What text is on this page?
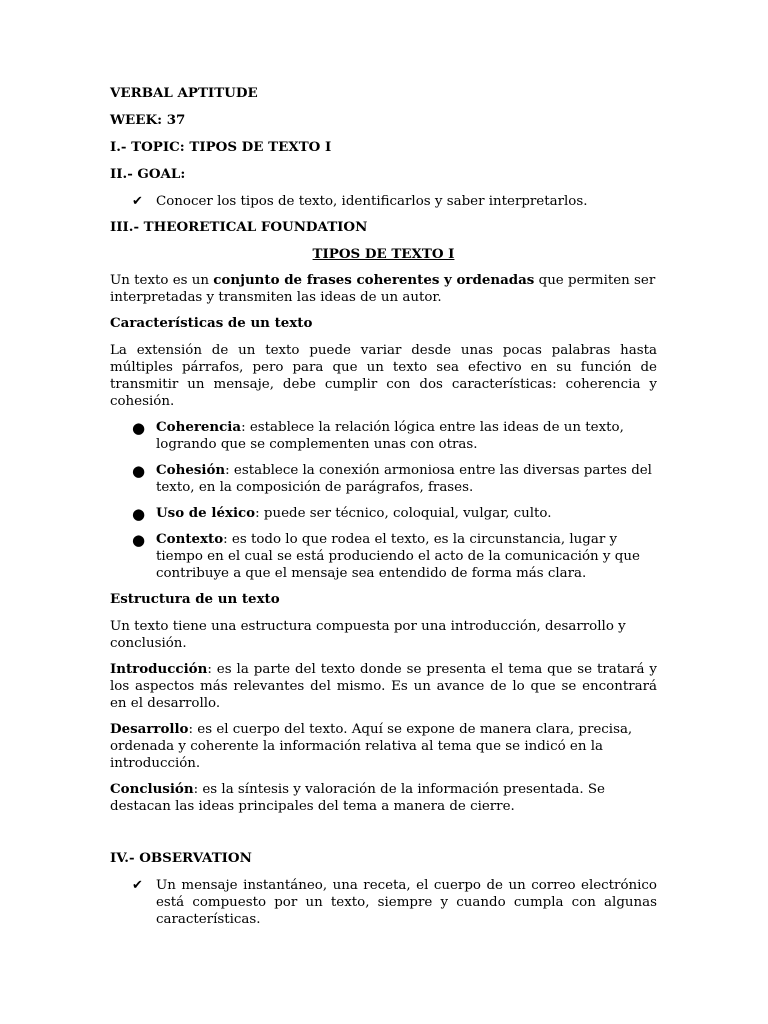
VERBAL APTITUDE

WEEK: 37

I.- TOPIC: TIPOS DE TEXTO I

II.- GOAL:

✔ Conocer los tipos de texto, identificarlos y saber interpretarlos.

III.- THEORETICAL FOUNDATION

TIPOS DE TEXTO I

Un texto es un conjunto de frases coherentes y ordenadas que permiten ser interpretadas y transmiten las ideas de un autor.

Características de un texto

La extensión de un texto puede variar desde unas pocas palabras hasta múltiples párrafos, pero para que un texto sea efectivo en su función de transmitir un mensaje, debe cumplir con dos características: coherencia y cohesión.

● Coherencia: establece la relación lógica entre las ideas de un texto, logrando que se complementen unas con otras.
● Cohesión: establece la conexión armoniosa entre las diversas partes del texto, en la composición de parágrafos, frases.
● Uso de léxico: puede ser técnico, coloquial, vulgar, culto.
● Contexto: es todo lo que rodea el texto, es la circunstancia, lugar y tiempo en el cual se está produciendo el acto de la comunicación y que contribuye a que el mensaje sea entendido de forma más clara.

Estructura de un texto

Un texto tiene una estructura compuesta por una introducción, desarrollo y conclusión.

Introducción: es la parte del texto donde se presenta el tema que se tratará y los aspectos más relevantes del mismo. Es un avance de lo que se encontrará en el desarrollo.

Desarrollo: es el cuerpo del texto. Aquí se expone de manera clara, precisa, ordenada y coherente la información relativa al tema que se indicó en la introducción.

Conclusión: es la síntesis y valoración de la información presentada. Se destacan las ideas principales del tema a manera de cierre.

IV.- OBSERVATION

✔ Un mensaje instantáneo, una receta, el cuerpo de un correo electrónico está compuesto por un texto, siempre y cuando cumpla con algunas características.
